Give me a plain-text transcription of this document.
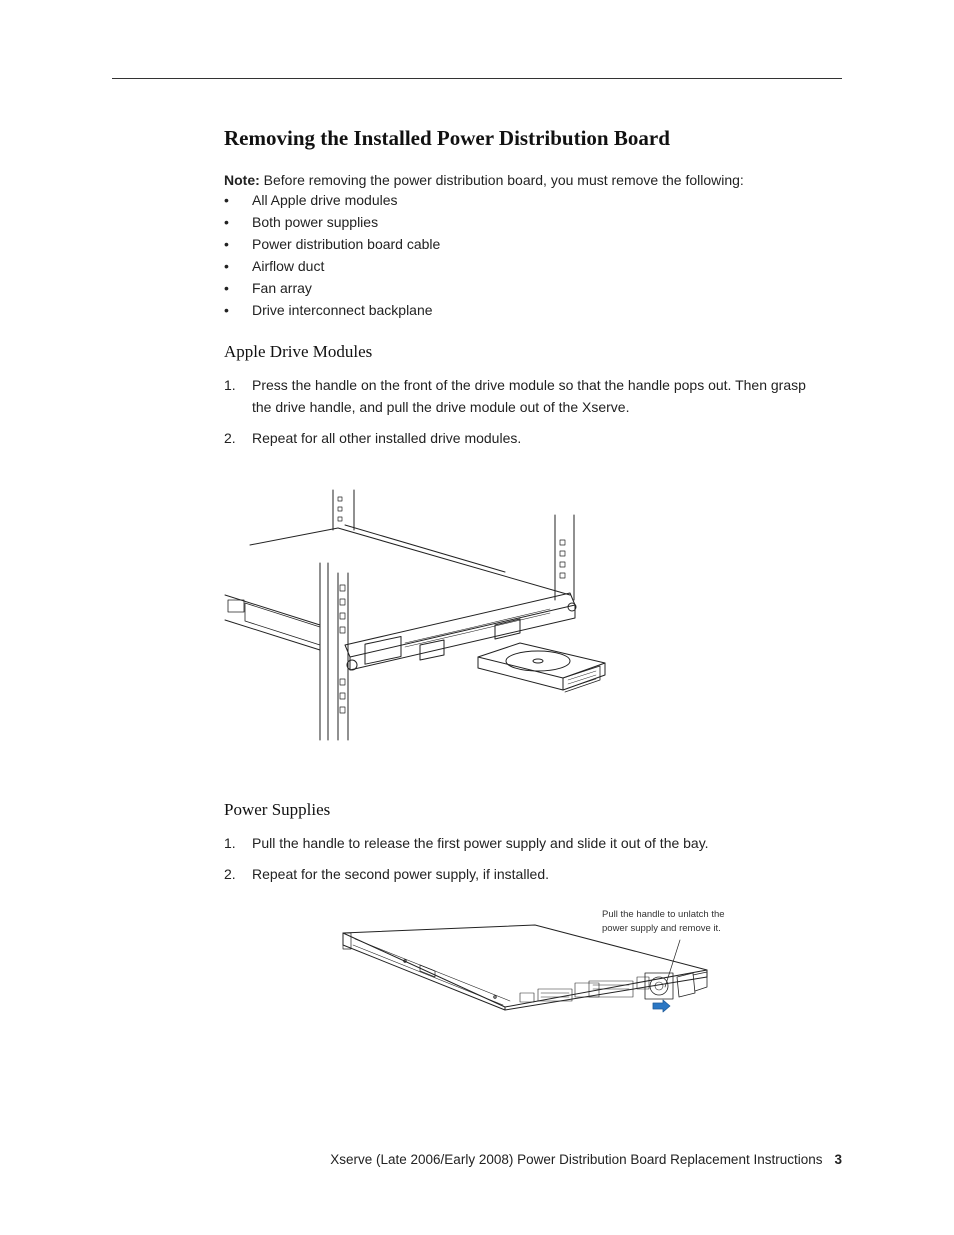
Removing the Installed Power Distribution Board
Note: Before removing the power distribution board, you must remove the following:
• All Apple drive modules
• Both power supplies
• Power distribution board cable
• Airflow duct
• Fan array
• Drive interconnect backplane
Apple Drive Modules
1. Press the handle on the front of the drive module so that the handle pops out. Then grasp the drive handle, and pull the drive module out of the Xserve.
2. Repeat for all other installed drive modules.
Power Supplies
1. Pull the handle to release the first power supply and slide it out of the bay.
2. Repeat for the second power supply, if installed.
Pull the handle to unlatch the
power supply and remove it.
Xserve (Late 2006/Early 2008) Power Distribution Board Replacement Instructions 3
